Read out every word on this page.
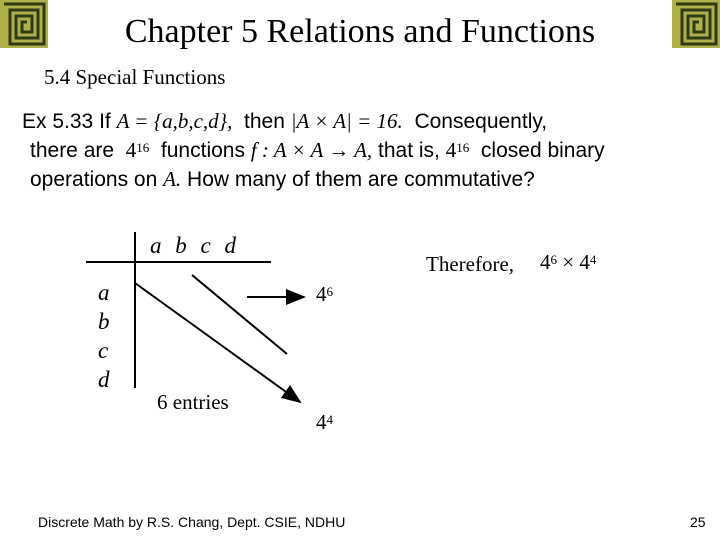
Chapter 5 Relations and Functions
5.4 Special Functions
Ex 5.33 If A = {a,b,c,d}, then |A × A| = 16. Consequently,
there are $4^{16}$ functions f : A × A → A, that is, $4^{16}$ closed binary
operations on A. How many of them are commutative?
a b c d
a
b
c
d
6 entries
$4^6$
$4^4$
Therefore, $4^6 \times 4^4$
Discrete Math by R.S. Chang, Dept. CSIE, NDHU	25
